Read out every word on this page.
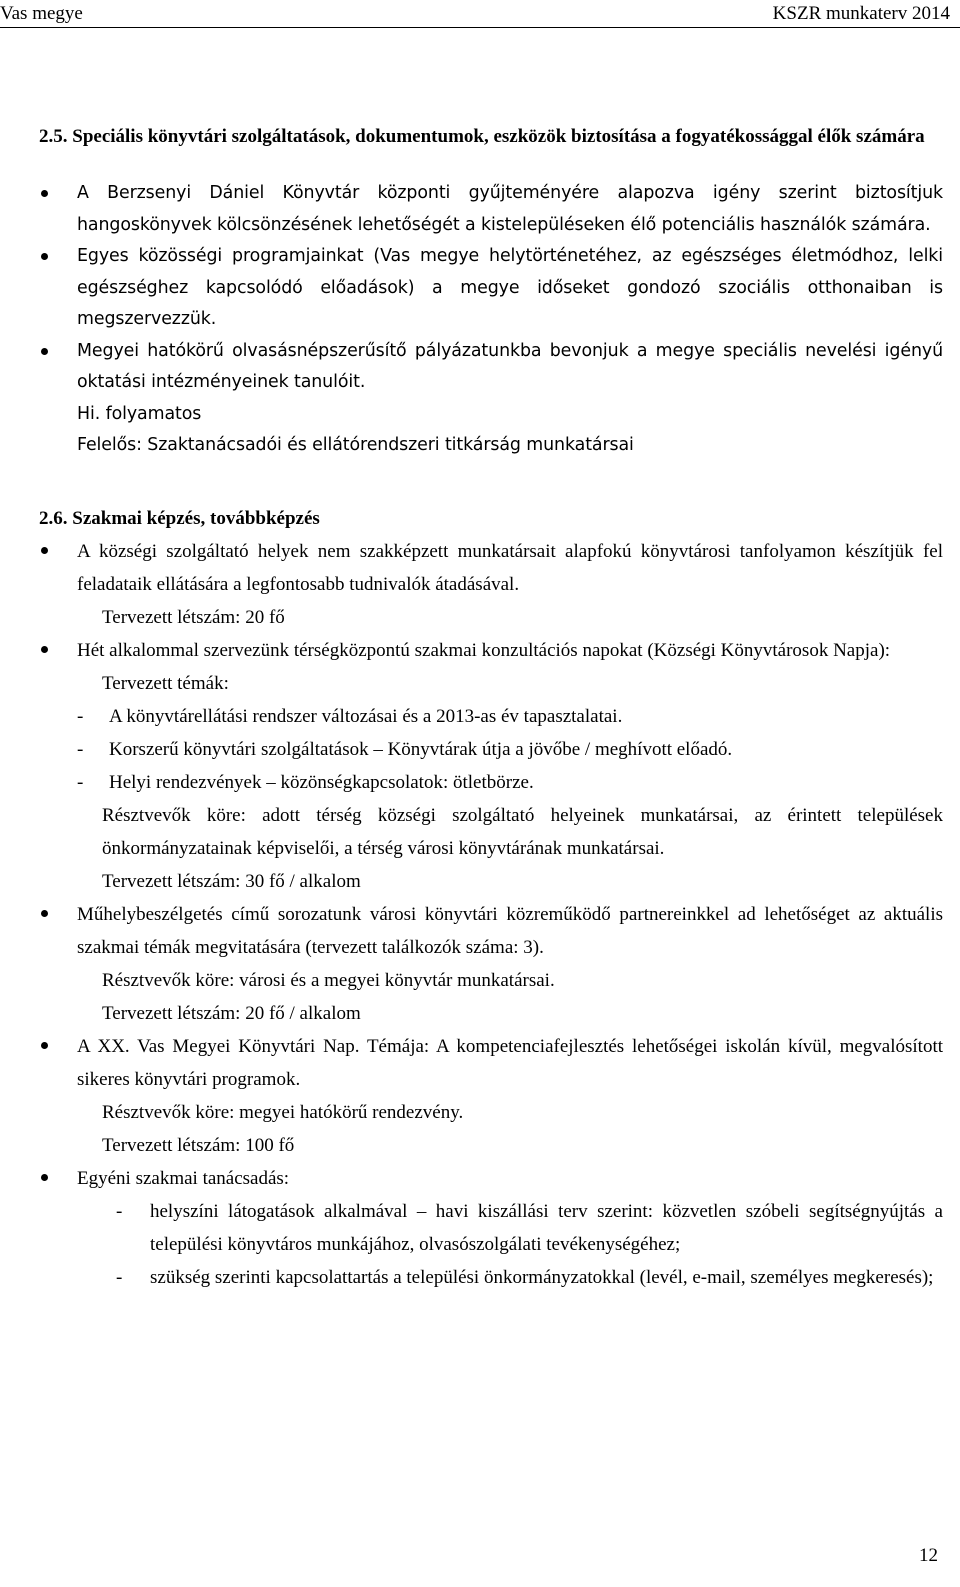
Vas megye	KSZR munkaterv 2014
2.5. Speciális könyvtári szolgáltatások, dokumentumok, eszközök biztosítása a fogyatékossággal élők számára
A Berzsenyi Dániel Könyvtár központi gyűjteményére alapozva igény szerint biztosítjuk hangoskönyvek kölcsönzésének lehetőségét a kistelepüléseken élő potenciális használók számára.
Egyes közösségi programjainkat (Vas megye helytörténetéhez, az egészséges életmódhoz, lelki egészséghez kapcsolódó előadások) a megye időseket gondozó szociális otthonaiban is megszervezzük.
Megyei hatókörű olvasásnépszerűsítő pályázatunkba bevonjuk a megye speciális nevelési igényű oktatási intézményeinek tanulóit.
Hi. folyamatos
Felelős: Szaktanácsadói és ellátórendszeri titkárság munkatársai
2.6. Szakmai képzés, továbbképzés
A községi szolgáltató helyek nem szakképzett munkatársait alapfokú könyvtárosi tanfolyamon készítjük fel feladataik ellátására a legfontosabb tudnivalók átadásával.
Tervezett létszám: 20 fő
Hét alkalommal szervezünk térségközpontú szakmai konzultációs napokat (Községi Könyvtárosok Napja):
Tervezett témák:
- A könyvtárellátási rendszer változásai és a 2013-as év tapasztalatai.
- Korszerű könyvtári szolgáltatások – Könyvtárak útja a jövőbe / meghívott előadó.
- Helyi rendezvények – közönségkapcsolatok: ötletbörze.
Résztvevők köre: adott térség községi szolgáltató helyeinek munkatársai, az érintett települések önkormányzatainak képviselői, a térség városi könyvtárának munkatársai.
Tervezett létszám: 30 fő / alkalom
Műhelybeszélgetés című sorozatunk városi könyvtári közreműködő partnereinkkel ad lehetőséget az aktuális szakmai témák megvitatására (tervezett találkozók száma: 3).
Résztvevők köre: városi és a megyei könyvtár munkatársai.
Tervezett létszám: 20 fő / alkalom
A XX. Vas Megyei Könyvtári Nap. Témája: A kompetenciafejlesztés lehetőségei iskolán kívül, megvalósított sikeres könyvtári programok.
Résztvevők köre: megyei hatókörű rendezvény.
Tervezett létszám: 100 fő
Egyéni szakmai tanácsadás:
- helyszíni látogatások alkalmával – havi kiszállási terv szerint: közvetlen szóbeli segítségnyújtás a települési könyvtáros munkájához, olvasószolgálati tevékenységéhez;
- szükség szerinti kapcsolattartás a települési önkormányzatokkal (levél, e-mail, személyes megkeresés);
12
